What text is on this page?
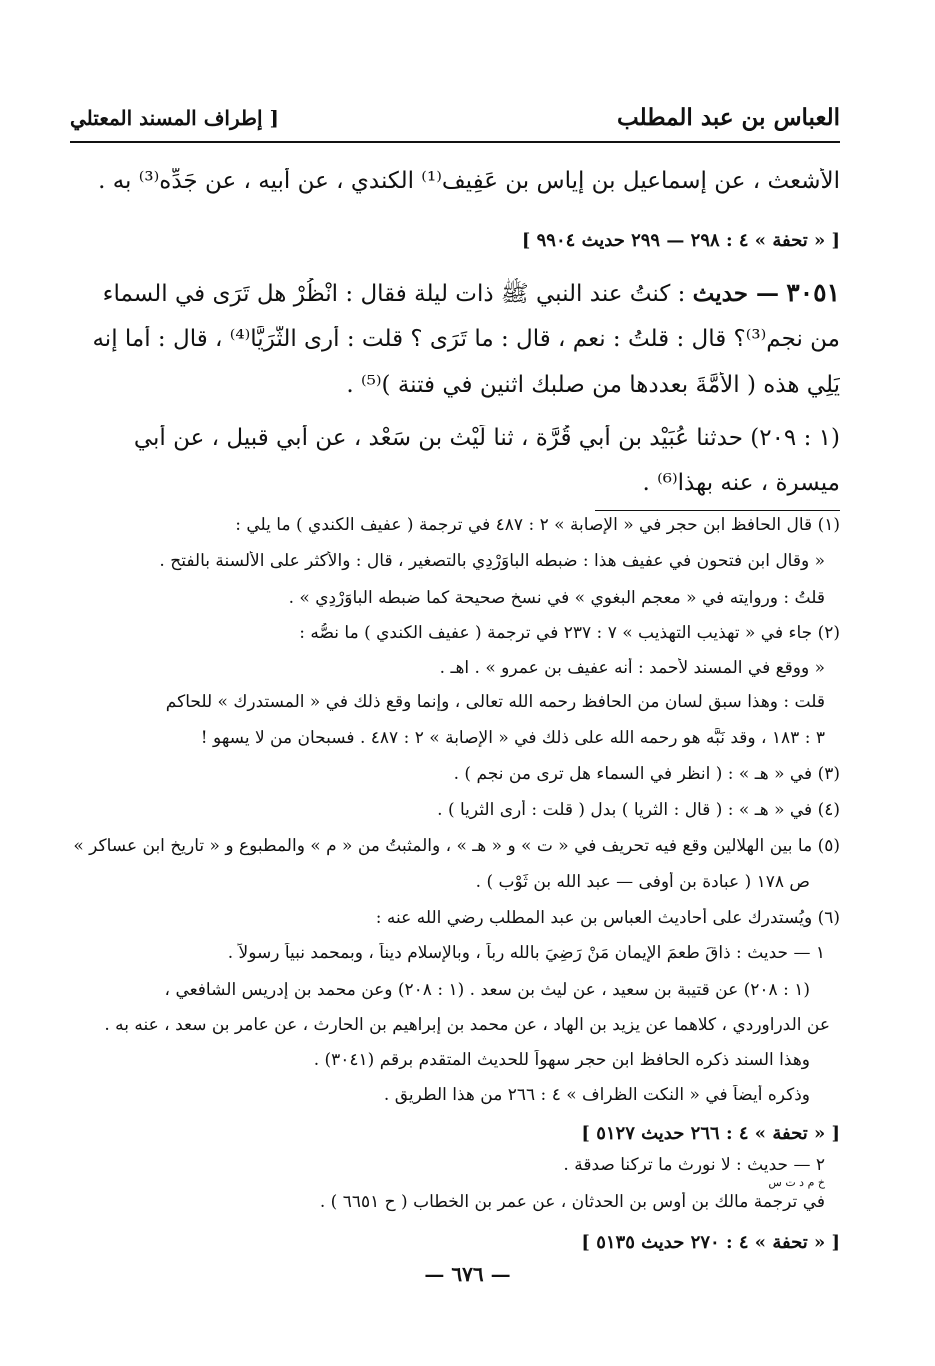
العباس بن عبد المطلب
[ إطراف المسند المعتلي
الأشعث ، عن إسماعيل بن إياس بن عَفِيف⁽¹⁾ الكندي ، عن أبيه ، عن جَدِّه⁽³⁾ به .
[ « تحفة » ٤ : ٢٩٨ — ٢٩٩ حديث ٩٩٠٤ ]
٣٠٥١ — حديث : كنتُ عند النبي ﷺ ذات ليلة فقال : انْظُرْ هل تَرَى في السماء
من نجم⁽³⁾؟ قال : قلتُ : نعم ، قال : ما تَرَى ؟ قلت : أرى الثُّرَيَّا⁽⁴⁾ ، قال : أما إنه
يَلِي هذه ( الأُمَّةَ بعددها من صلبك اثنين في فتنة )⁽⁵⁾ .
(١ : ٢٠٩) حدثنا عُبَيْد بن أبي قُرَّة ، ثنا لَيْث بن سَعْد ، عن أبي قبيل ، عن أبي
ميسرة ، عنه بهذا⁽⁶⁾ .
(١) قال الحافظ ابن حجر في « الإصابة » ٢ : ٤٨٧ في ترجمة ( عفيف الكندي ) ما يلي :
« وقال ابن فتحون في عفيف هذا : ضبطه الباوَرْدِي بالتصغير ، قال : والأكثر على الألسنة بالفتح .
قلتُ : وروايته في « معجم البغوي » في نسخ صحيحة كما ضبطه الباوَرْدِي » .
(٢) جاء في « تهذيب التهذيب » ٧ : ٢٣٧ في ترجمة ( عفيف الكندي ) ما نصُّه :
« ووقع في المسند لأحمد : أنه عفيف بن عمرو » . اهـ .
قلت : وهذا سبق لسان من الحافظ رحمه الله تعالى ، وإنما وقع ذلك في « المستدرك » للحاكم
٣ : ١٨٣ ، وقد نَبَّه هو رحمه الله على ذلك في « الإصابة » ٢ : ٤٨٧ . فسبحان من لا يسهو !
(٣) في « هـ » : ( انظر في السماء هل ترى من نجم ) .
(٤) في « هـ » : ( قال : الثريا ) بدل ( قلت : أرى الثريا ) .
(٥) ما بين الهلالين وقع فيه تحريف في « ت » و « هـ » ، والمثبتُ من « م » والمطبوع و « تاريخ ابن عساكر »
ص ١٧٨ ( عبادة بن أوفى — عبد الله بن ثَوْب ) .
(٦) ويُستدرك على أحاديث العباس بن عبد المطلب رضي الله عنه :
١ — حديث : ذاقَ طعمَ الإيمان مَنْ رَضِيَ بالله رباً ، وبالإسلام ديناً ، وبمحمد نبياً رسولاً .
(١ : ٢٠٨) عن قتيبة بن سعيد ، عن ليث بن سعد . (١ : ٢٠٨) وعن محمد بن إدريس الشافعي ،
عن الدراوردي ، كلاهما عن يزيد بن الهاد ، عن محمد بن إبراهيم بن الحارث ، عن عامر بن سعد ، عنه به .
وهذا السند ذكره الحافظ ابن حجر سهواً للحديث المتقدم برقم (٣٠٤١) .
وذكره أيضاً في « النكت الظراف » ٤ : ٢٦٦ من هذا الطريق .
[ « تحفة » ٤ : ٢٦٦ حديث ٥١٢٧ ]
٢ — حديث : لا نورث ما تركنا صدقة .
خ م د ت س
في ترجمة مالك بن أوس بن الحدثان ، عن عمر بن الخطاب ( ح ٦٦٥١ ) .
[ « تحفة » ٤ : ٢٧٠ حديث ٥١٣٥ ]
— ٦٧٦ —
